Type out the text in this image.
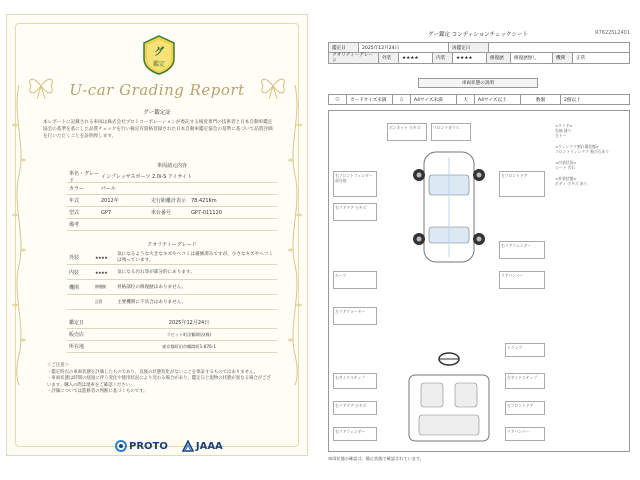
グ
鑑定
U-car Grading Report
グー鑑定証
本レポートに記載される車両は株式会社プロトコーポレーションが委託する検査専門の技術者と日本自動車鑑定協会の基準を基にした品質チェックを行い検定有資格登録された日本自動車鑑定協会の基準に基づいて品質評価を行いただくことを証明致します。
車両諸元内容
車名・グレード
インプレッサスポーツ 2.0i-S アイサイト
カラー	パール
年式	2012年	走行距離計表示 78,421Km
型式	GP7	車台番号	GP7-011120
備考
クオリティーグレード
外装	★★★★	気になるような大きなキズやヘコミは補修済みですが、小さなキズやヘコミは残っています。
内装	★★★★	気になる汚れ等が部分的にあります。
機関	修復無	骨格部位の修復歴はありません。
正常	主要機関に不具合はありません。
鑑定日	2025年12月24日
販売店	ラビット町田鶴間店(株)
所在地	東京都町田市鶴間町1-876-1
＜ご注意＞
・鑑定時点の車両状態を評価したものであり、以後の状態変化がないことを保証するものではありません。
・車両状態は時間の経過に伴う変化や使用状況により変わる場合があり、鑑定日と現物の状態が異なる場合がございます。購入の際は現車をご確認ください。
・評価については監修者の判断に基づくものです。
PROTO	JAAA
グー鑑定 コンディションチェックシート	R76225L2401
鑑定日	2025年12月24日	再鑑定日
クオリティーグレード
外装	★★★★	内装	★★★★	修復歴	修復歴無し	機関	正常
車両状態の説明
○	カードサイズ未満	△	A4サイズ未満	大	A4サイズ以上	数個	2個以上
右フロントフェンダー 部分的
右リアドア 小キズ
ルーフ
左リアクォーター
ボンネット 小キズ	フロントガラス
左フロントドア
右リアフェンダー
リアバンパー
トランク
右サイドステップ	左サイドステップ
右リアドア 小キズ	左フロントドア
右リアフェンダー	リアバンパー
<タイヤ>
先端 減り
左トー
<ウィンドウ割れ傷状態>
フロントウィンドウ 飛び石あり
<内装状況>
シート 汚れ
<外装状態>
ボディ 小キズ あり
車両状態の確認は、静止状態で確認されています。
